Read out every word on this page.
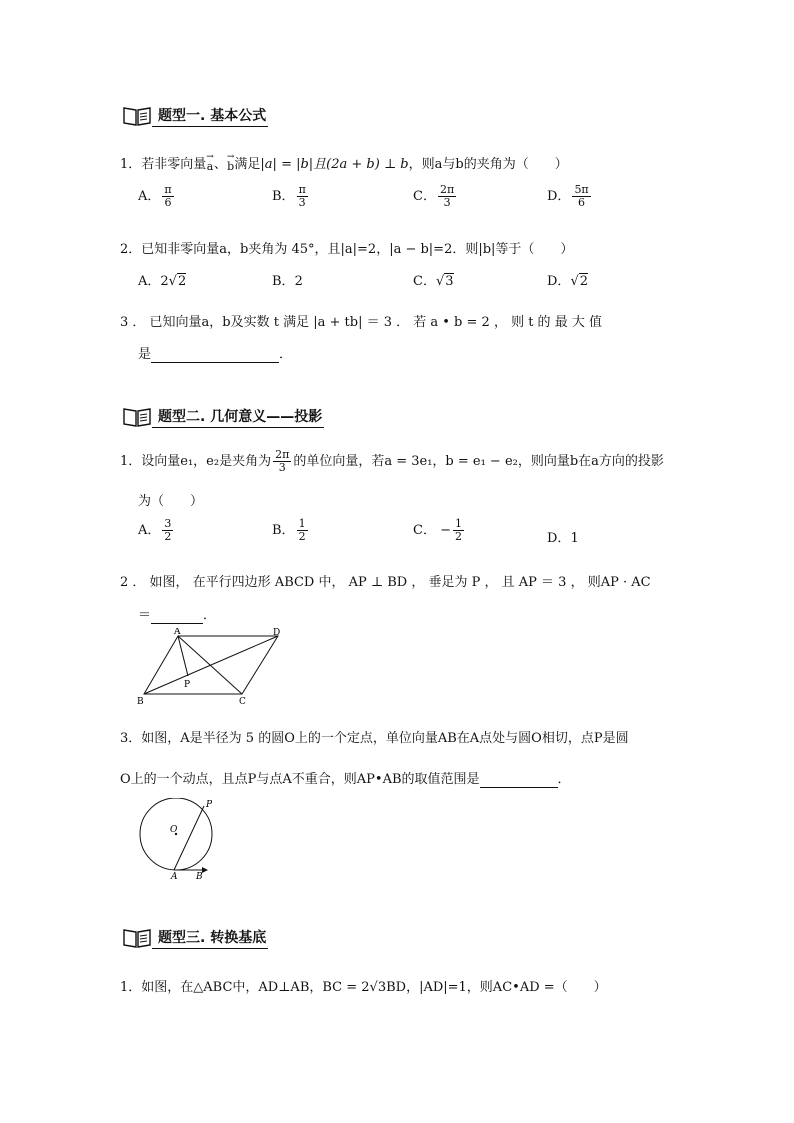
题型一. 基本公式
1．若非零向量 →
a 、 →
b 满足|a| = |b|且(2a + b) ⊥ b，则a与b的夹角为（　　）
A． $\frac{\pi}{6}$	B． $\frac{\pi}{3}$	C． $\frac{2\pi}{3}$	D． $\frac{5\pi}{6}$
2．已知非零向量a，b夹角为 45°，且|a|=2，|a − b|=2．则|b|等于（　　）
A．2√2	B．2	C．√3	D．√2
3 ． 已知向量a，b及实数 t 满足 |a + tb| ＝ 3 ． 若 a • b = 2 ， 则 t 的 最 大 值
是	．
题型二. 几何意义——投影
1．设向量e₁，e₂是夹角为 $\frac{2\pi}{3}$ 的单位向量，若a = 3e₁，b = e₁ − e₂，则向量b在a方向的投影
为（　　）
A． $\frac{3}{2}$	B． $\frac{1}{2}$	C． − $\frac{1}{2}$	D．1
2 ． 如图， 在平行四边形 ABCD 中， AP ⊥ BD ， 垂足为 P ， 且 AP ＝ 3 ， 则AP · AC
＝	．
A	D
P
B	C
3．如图，A是半径为 5 的圆O上的一个定点，单位向量AB在A点处与圆O相切，点P是圆
O上的一个动点，且点P与点A不重合，则AP•AB的取值范围是	．
P
O
A B
题型三. 转换基底
1．如图，在△ABC中，AD⊥AB，BC = 2√3BD，|AD|=1，则AC•AD =（　　）
